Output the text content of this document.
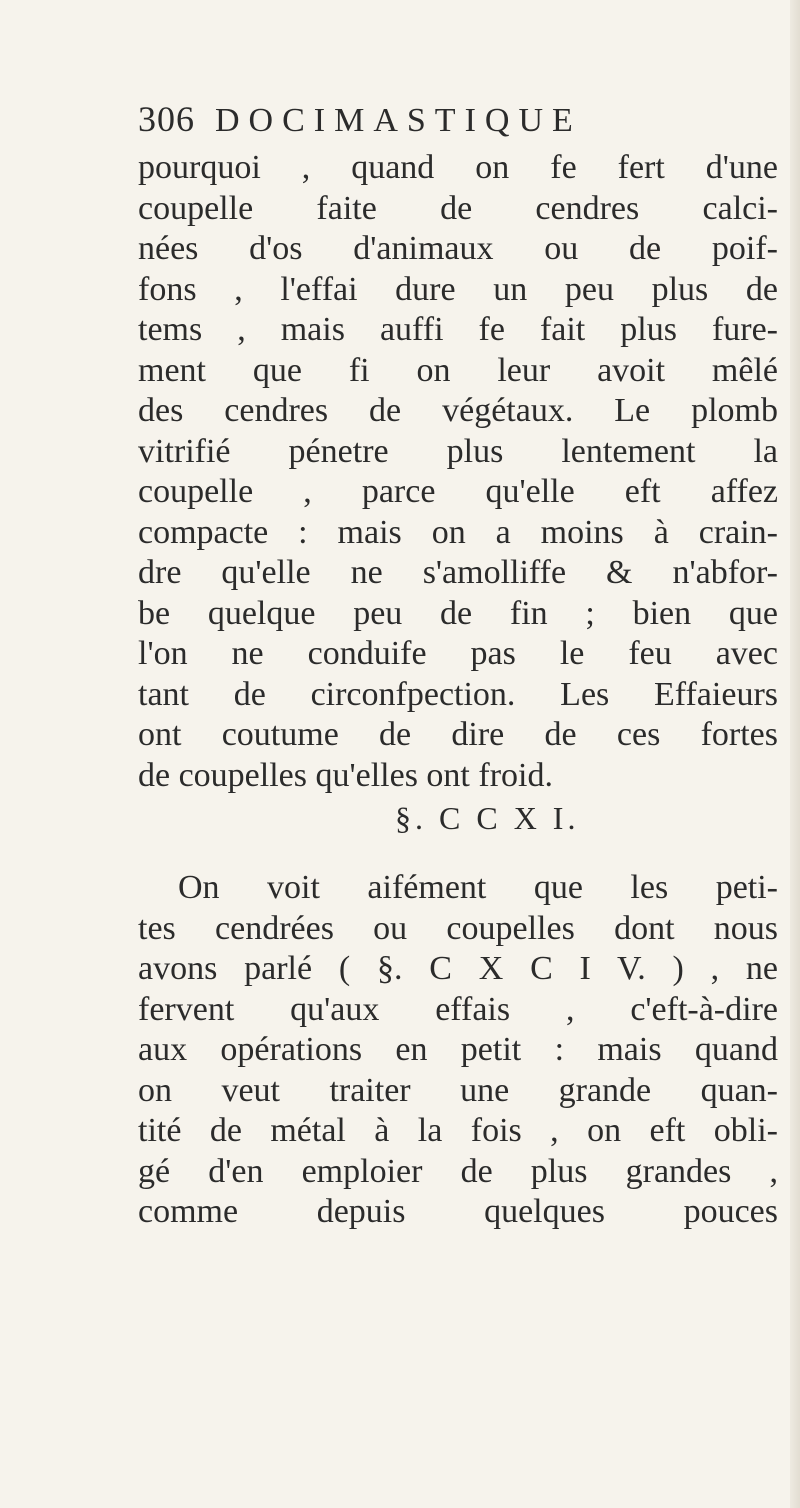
306 DOCIMASTIQUE
pourquoi , quand on fe fert d'une
coupelle faite de cendres calci-
nées d'os d'animaux ou de poif-
fons , l'effai dure un peu plus de
tems , mais auffi fe fait plus fure-
ment que fi on leur avoit mêlé
des cendres de végétaux. Le plomb
vitrifié pénetre plus lentement la
coupelle , parce qu'elle eft affez
compacte : mais on a moins à crain-
dre qu'elle ne s'amolliffe & n'abfor-
be quelque peu de fin ; bien que
l'on ne conduife pas le feu avec
tant de circonfpection. Les Effaieurs
ont coutume de dire de ces fortes
de coupelles qu'elles ont froid.
§. C C X I.
On voit aifément que les peti-
tes cendrées ou coupelles dont nous
avons parlé ( §. C X C I V. ) , ne
fervent qu'aux effais , c'eft-à-dire
aux opérations en petit : mais quand
on veut traiter une grande quan-
tité de métal à la fois , on eft obli-
gé d'en emploier de plus grandes ,
comme depuis quelques pouces
